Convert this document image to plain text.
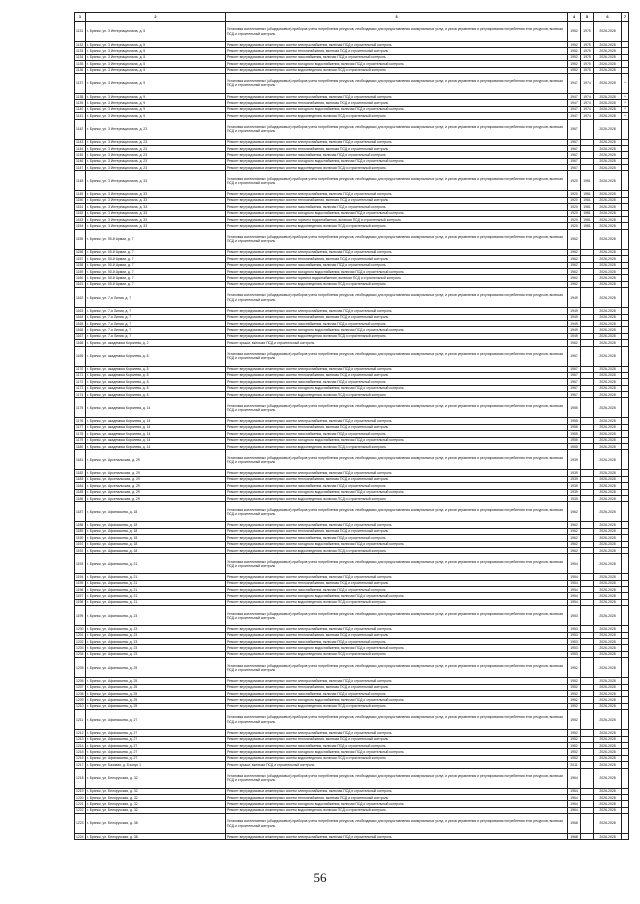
1	2	3	4	5	6	7
1131	г. Брянск, ул. 3 Интернационала, д. 5	Установка коллективных (общедомовых) приборов учета потребления ресурсов, необходимых для предоставления коммунальных услуг, и узлов управления и регулирования потребления этих ресурсов, включая ПСД и строительный контроль	1952	1975	2026-2028	
1132	г. Брянск, ул. 3 Интернационала, д. 5	Ремонт внутридомовых инженерных систем электроснабжения, включая ПСД и строительный контроль	1952	1975	2026-2028	
1133	г. Брянск, ул. 3 Интернационала, д. 5	Ремонт внутридомовых инженерных систем теплоснабжения, включая ПСД и строительный контроль	1952	1975	2026-2028	
1134	г. Брянск, ул. 3 Интернационала, д. 5	Ремонт внутридомовых инженерных систем газоснабжения, включая ПСД и строительный контроль	1952	1975	2026-2028	
1135	г. Брянск, ул. 3 Интернационала, д. 5	Ремонт внутридомовых инженерных систем холодного водоснабжения, включая ПСД и строительный контроль	1952	1975	2026-2028	
1136	г. Брянск, ул. 3 Интернационала, д. 5	Ремонт внутридомовых инженерных систем водоотведения, включая ПСД и строительный контроль	1952	1975	2026-2028	
1137	г. Брянск, ул. 3 Интернационала, д. 9	Установка коллективных (общедомовых) приборов учета потребления ресурсов, необходимых для предоставления коммунальных услуг, и узлов управления и регулирования потребления этих ресурсов, включая ПСД и строительный контроль	1947	1974	2026-2028	*
1138	г. Брянск, ул. 3 Интернационала, д. 9	Ремонт внутридомовых инженерных систем электроснабжения, включая ПСД и строительный контроль	1947	1974	2026-2028	*
1139	г. Брянск, ул. 3 Интернационала, д. 9	Ремонт внутридомовых инженерных систем теплоснабжения, включая ПСД и строительный контроль	1947	1974	2026-2028	*
1140	г. Брянск, ул. 3 Интернационала, д. 9	Ремонт внутридомовых инженерных систем холодного водоснабжения, включая ПСД и строительный контроль	1947	1974	2026-2028	*
1141	г. Брянск, ул. 3 Интернационала, д. 9	Ремонт внутридомовых инженерных систем водоотведения, включая ПСД и строительный контроль	1947	1974	2026-2028	*
1142	г. Брянск, ул. 3 Интернационала, д. 23	Установка коллективных (общедомовых) приборов учета потребления ресурсов, необходимых для предоставления коммунальных услуг, и узлов управления и регулирования потребления этих ресурсов, включая ПСД и строительный контроль	1967		2026-2028	
1143	г. Брянск, ул. 3 Интернационала, д. 23	Ремонт внутридомовых инженерных систем электроснабжения, включая ПСД и строительный контроль	1967		2026-2028	
1144	г. Брянск, ул. 3 Интернационала, д. 23	Ремонт внутридомовых инженерных систем теплоснабжения, включая ПСД и строительный контроль	1967		2026-2028	
1145	г. Брянск, ул. 3 Интернационала, д. 23	Ремонт внутридомовых инженерных систем газоснабжения, включая ПСД и строительный контроль	1967		2026-2028	
1146	г. Брянск, ул. 3 Интернационала, д. 23	Ремонт внутридомовых инженерных систем холодного водоснабжения, включая ПСД и строительный контроль	1967		2026-2028	
1147	г. Брянск, ул. 3 Интернационала, д. 23	Ремонт внутридомовых инженерных систем водоотведения, включая ПСД и строительный контроль	1967		2026-2028	
1148	г. Брянск, ул. 3 Интернационала, д. 33	Установка коллективных (общедомовых) приборов учета потребления ресурсов, необходимых для предоставления коммунальных услуг, и узлов управления и регулирования потребления этих ресурсов, включая ПСД и строительный контроль	1920	1981	2026-2028	
1149	г. Брянск, ул. 3 Интернационала, д. 33	Ремонт внутридомовых инженерных систем электроснабжения, включая ПСД и строительный контроль	1920	1981	2026-2028	
1150	г. Брянск, ул. 3 Интернационала, д. 33	Ремонт внутридомовых инженерных систем теплоснабжения, включая ПСД и строительный контроль	1920	1981	2026-2028	
1151	г. Брянск, ул. 3 Интернационала, д. 33	Ремонт внутридомовых инженерных систем газоснабжения, включая ПСД и строительный контроль	1920	1981	2026-2028	
1152	г. Брянск, ул. 3 Интернационала, д. 33	Ремонт внутридомовых инженерных систем холодного водоснабжения, включая ПСД и строительный контроль	1920	1981	2026-2028	
1153	г. Брянск, ул. 3 Интернационала, д. 33	Ремонт внутридомовых инженерных систем горячего водоснабжения, включая ПСД и строительный контроль	1920	1981	2026-2028	
1154	г. Брянск, ул. 3 Интернационала, д. 33	Ремонт внутридомовых инженерных систем водоотведения, включая ПСД и строительный контроль	1920	1981	2026-2028	
1155	г. Брянск, ул. 50-й Армии, д. 7	Установка коллективных (общедомовых) приборов учета потребления ресурсов, необходимых для предоставления коммунальных услуг, и узлов управления и регулирования потребления этих ресурсов, включая ПСД и строительный контроль	1962		2026-2028	
1156	г. Брянск, ул. 50-й Армии, д. 7	Ремонт внутридомовых инженерных систем электроснабжения, включая ПСД и строительный контроль	1962		2026-2028	
1157	г. Брянск, ул. 50-й Армии, д. 7	Ремонт внутридомовых инженерных систем теплоснабжения, включая ПСД и строительный контроль	1962		2026-2028	
1158	г. Брянск, ул. 50-й Армии, д. 7	Ремонт внутридомовых инженерных систем газоснабжения, включая ПСД и строительный контроль	1962		2026-2028	
1159	г. Брянск, ул. 50-й Армии, д. 7	Ремонт внутридомовых инженерных систем холодного водоснабжения, включая ПСД и строительный контроль	1962		2026-2028	
1160	г. Брянск, ул. 50-й Армии, д. 7	Ремонт внутридомовых инженерных систем горячего водоснабжения, включая ПСД и строительный контроль	1962		2026-2028	
1161	г. Брянск, ул. 50-й Армии, д. 7	Ремонт внутридомовых инженерных систем водоотведения, включая ПСД и строительный контроль	1962		2026-2028	
1162	г. Брянск, ул. 7-я Линия, д. 7	Установка коллективных (общедомовых) приборов учета потребления ресурсов, необходимых для предоставления коммунальных услуг, и узлов управления и регулирования потребления этих ресурсов, включая ПСД и строительный контроль	1949		2026-2028	
1163	г. Брянск, ул. 7-я Линия, д. 7	Ремонт внутридомовых инженерных систем электроснабжения, включая ПСД и строительный контроль	1949		2026-2028	
1164	г. Брянск, ул. 7-я Линия, д. 7	Ремонт внутридомовых инженерных систем теплоснабжения, включая ПСД и строительный контроль	1949		2026-2028	
1165	г. Брянск, ул. 7-я Линия, д. 7	Ремонт внутридомовых инженерных систем газоснабжения, включая ПСД и строительный контроль	1949		2026-2028	
1166	г. Брянск, ул. 7-я Линия, д. 7	Ремонт внутридомовых инженерных систем холодного водоснабжения, включая ПСД и строительный контроль	1949		2026-2028	
1167	г. Брянск, ул. 7-я Линия, д. 7	Ремонт внутридомовых инженерных систем водоотведения, включая ПСД и строительный контроль	1949		2026-2028	
1168	г. Брянск, ул. академика Королева, д. 2	Ремонт крыши, включая ПСД и строительный контроль	1962		2026-2028	
1169	г. Брянск, ул. академика Королева, д. 8	Установка коллективных (общедомовых) приборов учета потребления ресурсов, необходимых для предоставления коммунальных услуг, и узлов управления и регулирования потребления этих ресурсов, включая ПСД и строительный контроль	1967		2026-2028	
1170	г. Брянск, ул. академика Королева, д. 8	Ремонт внутридомовых инженерных систем электроснабжения, включая ПСД и строительный контроль	1967		2026-2028	
1171	г. Брянск, ул. академика Королева, д. 8	Ремонт внутридомовых инженерных систем теплоснабжения, включая ПСД и строительный контроль	1967		2026-2028	
1172	г. Брянск, ул. академика Королева, д. 8	Ремонт внутридомовых инженерных систем газоснабжения, включая ПСД и строительный контроль	1967		2026-2028	
1173	г. Брянск, ул. академика Королева, д. 8	Ремонт внутридомовых инженерных систем холодного водоснабжения, включая ПСД и строительный контроль	1967		2026-2028	
1174	г. Брянск, ул. академика Королева, д. 8	Ремонт внутридомовых инженерных систем водоотведения, включая ПСД и строительный контроль	1967		2026-2028	
1175	г. Брянск, ул. академика Королева, д. 14	Установка коллективных (общедомовых) приборов учета потребления ресурсов, необходимых для предоставления коммунальных услуг, и узлов управления и регулирования потребления этих ресурсов, включая ПСД и строительный контроль	1955		2026-2028	
1176	г. Брянск, ул. академика Королева, д. 14	Ремонт внутридомовых инженерных систем электроснабжения, включая ПСД и строительный контроль	1955		2026-2028	
1177	г. Брянск, ул. академика Королева, д. 14	Ремонт внутридомовых инженерных систем теплоснабжения, включая ПСД и строительный контроль	1955		2026-2028	
1178	г. Брянск, ул. академика Королева, д. 14	Ремонт внутридомовых инженерных систем газоснабжения, включая ПСД и строительный контроль	1955		2026-2028	
1179	г. Брянск, ул. академика Королева, д. 14	Ремонт внутридомовых инженерных систем холодного водоснабжения, включая ПСД и строительный контроль	1955		2026-2028	
1180	г. Брянск, ул. академика Королева, д. 14	Ремонт внутридомовых инженерных систем водоотведения, включая ПСД и строительный контроль	1955		2026-2028	
1181	г. Брянск, ул. Арсенальская, д. 29	Установка коллективных (общедомовых) приборов учета потребления ресурсов, необходимых для предоставления коммунальных услуг, и узлов управления и регулирования потребления этих ресурсов, включая ПСД и строительный контроль	1939		2026-2028	
1182	г. Брянск, ул. Арсенальская, д. 29	Ремонт внутридомовых инженерных систем электроснабжения, включая ПСД и строительный контроль	1939		2026-2028	
1183	г. Брянск, ул. Арсенальская, д. 29	Ремонт внутридомовых инженерных систем теплоснабжения, включая ПСД и строительный контроль	1939		2026-2028	
1184	г. Брянск, ул. Арсенальская, д. 29	Ремонт внутридомовых инженерных систем газоснабжения, включая ПСД и строительный контроль	1939		2026-2028	
1185	г. Брянск, ул. Арсенальская, д. 29	Ремонт внутридомовых инженерных систем холодного водоснабжения, включая ПСД и строительный контроль	1939		2026-2028	
1186	г. Брянск, ул. Арсенальская, д. 29	Ремонт внутридомовых инженерных систем водоотведения, включая ПСД и строительный контроль	1939		2026-2028	
1187	г. Брянск, ул. Афанасьева, д. 18	Установка коллективных (общедомовых) приборов учета потребления ресурсов, необходимых для предоставления коммунальных услуг, и узлов управления и регулирования потребления этих ресурсов, включая ПСД и строительный контроль	1962		2026-2028	
1188	г. Брянск, ул. Афанасьева, д. 18	Ремонт внутридомовых инженерных систем электроснабжения, включая ПСД и строительный контроль	1962		2026-2028	
1189	г. Брянск, ул. Афанасьева, д. 18	Ремонт внутридомовых инженерных систем теплоснабжения, включая ПСД и строительный контроль	1962		2026-2028	
1190	г. Брянск, ул. Афанасьева, д. 18	Ремонт внутридомовых инженерных систем газоснабжения, включая ПСД и строительный контроль	1962		2026-2028	
1191	г. Брянск, ул. Афанасьева, д. 18	Ремонт внутридомовых инженерных систем холодного водоснабжения, включая ПСД и строительный контроль	1962		2026-2028	
1192	г. Брянск, ул. Афанасьева, д. 18	Ремонт внутридомовых инженерных систем водоотведения, включая ПСД и строительный контроль	1962		2026-2028	
1193	г. Брянск, ул. Афанасьева, д. 21	Установка коллективных (общедомовых) приборов учета потребления ресурсов, необходимых для предоставления коммунальных услуг, и узлов управления и регулирования потребления этих ресурсов, включая ПСД и строительный контроль	1954		2026-2028	
1194	г. Брянск, ул. Афанасьева, д. 21	Ремонт внутридомовых инженерных систем электроснабжения, включая ПСД и строительный контроль	1954		2026-2028	
1195	г. Брянск, ул. Афанасьева, д. 21	Ремонт внутридомовых инженерных систем теплоснабжения, включая ПСД и строительный контроль	1954		2026-2028	
1196	г. Брянск, ул. Афанасьева, д. 21	Ремонт внутридомовых инженерных систем газоснабжения, включая ПСД и строительный контроль	1954		2026-2028	
1197	г. Брянск, ул. Афанасьева, д. 21	Ремонт внутридомовых инженерных систем холодного водоснабжения, включая ПСД и строительный контроль	1954		2026-2028	
1198	г. Брянск, ул. Афанасьева, д. 21	Ремонт внутридомовых инженерных систем водоотведения, включая ПСД и строительный контроль	1954		2026-2028	
1199	г. Брянск, ул. Афанасьева, д. 23	Установка коллективных (общедомовых) приборов учета потребления ресурсов, необходимых для предоставления коммунальных услуг, и узлов управления и регулирования потребления этих ресурсов, включая ПСД и строительный контроль	1953		2026-2028	
1200	г. Брянск, ул. Афанасьева, д. 23	Ремонт внутридомовых инженерных систем электроснабжения, включая ПСД и строительный контроль	1953		2026-2028	
1201	г. Брянск, ул. Афанасьева, д. 23	Ремонт внутридомовых инженерных систем теплоснабжения, включая ПСД и строительный контроль	1953		2026-2028	
1202	г. Брянск, ул. Афанасьева, д. 23	Ремонт внутридомовых инженерных систем газоснабжения, включая ПСД и строительный контроль	1953		2026-2028	
1203	г. Брянск, ул. Афанасьева, д. 23	Ремонт внутридомовых инженерных систем холодного водоснабжения, включая ПСД и строительный контроль	1953		2026-2028	
1204	г. Брянск, ул. Афанасьева, д. 23	Ремонт внутридомовых инженерных систем водоотведения, включая ПСД и строительный контроль	1953		2026-2028	
1205	г. Брянск, ул. Афанасьева, д. 25	Установка коллективных (общедомовых) приборов учета потребления ресурсов, необходимых для предоставления коммунальных услуг, и узлов управления и регулирования потребления этих ресурсов, включая ПСД и строительный контроль	1952		2026-2028	
1206	г. Брянск, ул. Афанасьева, д. 25	Ремонт внутридомовых инженерных систем электроснабжения, включая ПСД и строительный контроль	1952		2026-2028	
1207	г. Брянск, ул. Афанасьева, д. 25	Ремонт внутридомовых инженерных систем теплоснабжения, включая ПСД и строительный контроль	1952		2026-2028	
1208	г. Брянск, ул. Афанасьева, д. 25	Ремонт внутридомовых инженерных систем газоснабжения, включая ПСД и строительный контроль	1952		2026-2028	
1209	г. Брянск, ул. Афанасьева, д. 25	Ремонт внутридомовых инженерных систем холодного водоснабжения, включая ПСД и строительный контроль	1952		2026-2028	
1210	г. Брянск, ул. Афанасьева, д. 25	Ремонт внутридомовых инженерных систем водоотведения, включая ПСД и строительный контроль	1952		2026-2028	
1211	г. Брянск, ул. Афанасьева, д. 27	Установка коллективных (общедомовых) приборов учета потребления ресурсов, необходимых для предоставления коммунальных услуг, и узлов управления и регулирования потребления этих ресурсов, включая ПСД и строительный контроль	1952		2026-2028	
1212	г. Брянск, ул. Афанасьева, д. 27	Ремонт внутридомовых инженерных систем электроснабжения, включая ПСД и строительный контроль	1952		2026-2028	
1213	г. Брянск, ул. Афанасьева, д. 27	Ремонт внутридомовых инженерных систем теплоснабжения, включая ПСД и строительный контроль	1952		2026-2028	
1214	г. Брянск, ул. Афанасьева, д. 27	Ремонт внутридомовых инженерных систем газоснабжения, включая ПСД и строительный контроль	1952		2026-2028	
1215	г. Брянск, ул. Афанасьева, д. 27	Ремонт внутридомовых инженерных систем холодного водоснабжения, включая ПСД и строительный контроль	1952		2026-2028	
1216	г. Брянск, ул. Афанасьева, д. 27	Ремонт внутридомовых инженерных систем водоотведения, включая ПСД и строительный контроль	1952		2026-2028	
1217	г. Брянск, ул. Базовая, д. 8 копус 1	Ремонт крыши, включая ПСД и строительный контроль	2011		2026-2028	
1218	г. Брянск, ул. Белорусская, д. 32	Установка коллективных (общедомовых) приборов учета потребления ресурсов, необходимых для предоставления коммунальных услуг, и узлов управления и регулирования потребления этих ресурсов, включая ПСД и строительный контроль	1964		2026-2028	
1219	г. Брянск, ул. Белорусская, д. 32	Ремонт внутридомовых инженерных систем электроснабжения, включая ПСД и строительный контроль	1964		2026-2028	
1220	г. Брянск, ул. Белорусская, д. 32	Ремонт внутридомовых инженерных систем теплоснабжения, включая ПСД и строительный контроль	1964		2026-2028	
1221	г. Брянск, ул. Белорусская, д. 32	Ремонт внутридомовых инженерных систем холодного водоснабжения, включая ПСД и строительный контроль	1964		2026-2028	
1222	г. Брянск, ул. Белорусская, д. 32	Ремонт внутридомовых инженерных систем водоотведения, включая ПСД и строительный контроль	1964		2026-2028	
1223	г. Брянск, ул. Белорусская, д. 38	Установка коллективных (общедомовых) приборов учета потребления ресурсов, необходимых для предоставления коммунальных услуг, и узлов управления и регулирования потребления этих ресурсов, включая ПСД и строительный контроль	1968		2026-2028	
1224	г. Брянск, ул. Белорусская, д. 38	Ремонт внутридомовых инженерных систем электроснабжения, включая ПСД и строительный контроль	1968		2026-2028	
56
